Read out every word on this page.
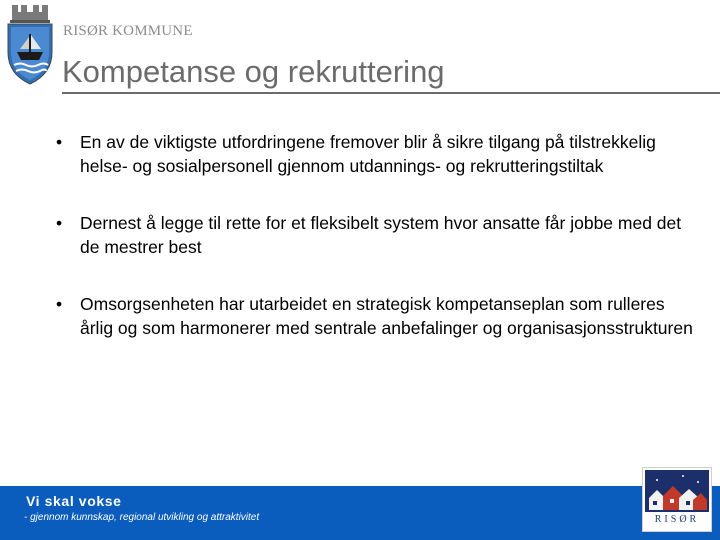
RISØR KOMMUNE
Kompetanse og rekruttering
• En av de viktigste utfordringene fremover blir å sikre tilgang på tilstrekkelig helse- og sosialpersonell gjennom utdannings- og rekrutteringstiltak
• Dernest å legge til rette for et fleksibelt system hvor ansatte får jobbe med det de mestrer best
• Omsorgsenheten har utarbeidet en strategisk kompetanseplan som rulleres årlig og som harmonerer med sentrale anbefalinger og organisasjonsstrukturen
Vi skal vokse
- gjennom kunnskap, regional utvikling og attraktivitet	RISØR
